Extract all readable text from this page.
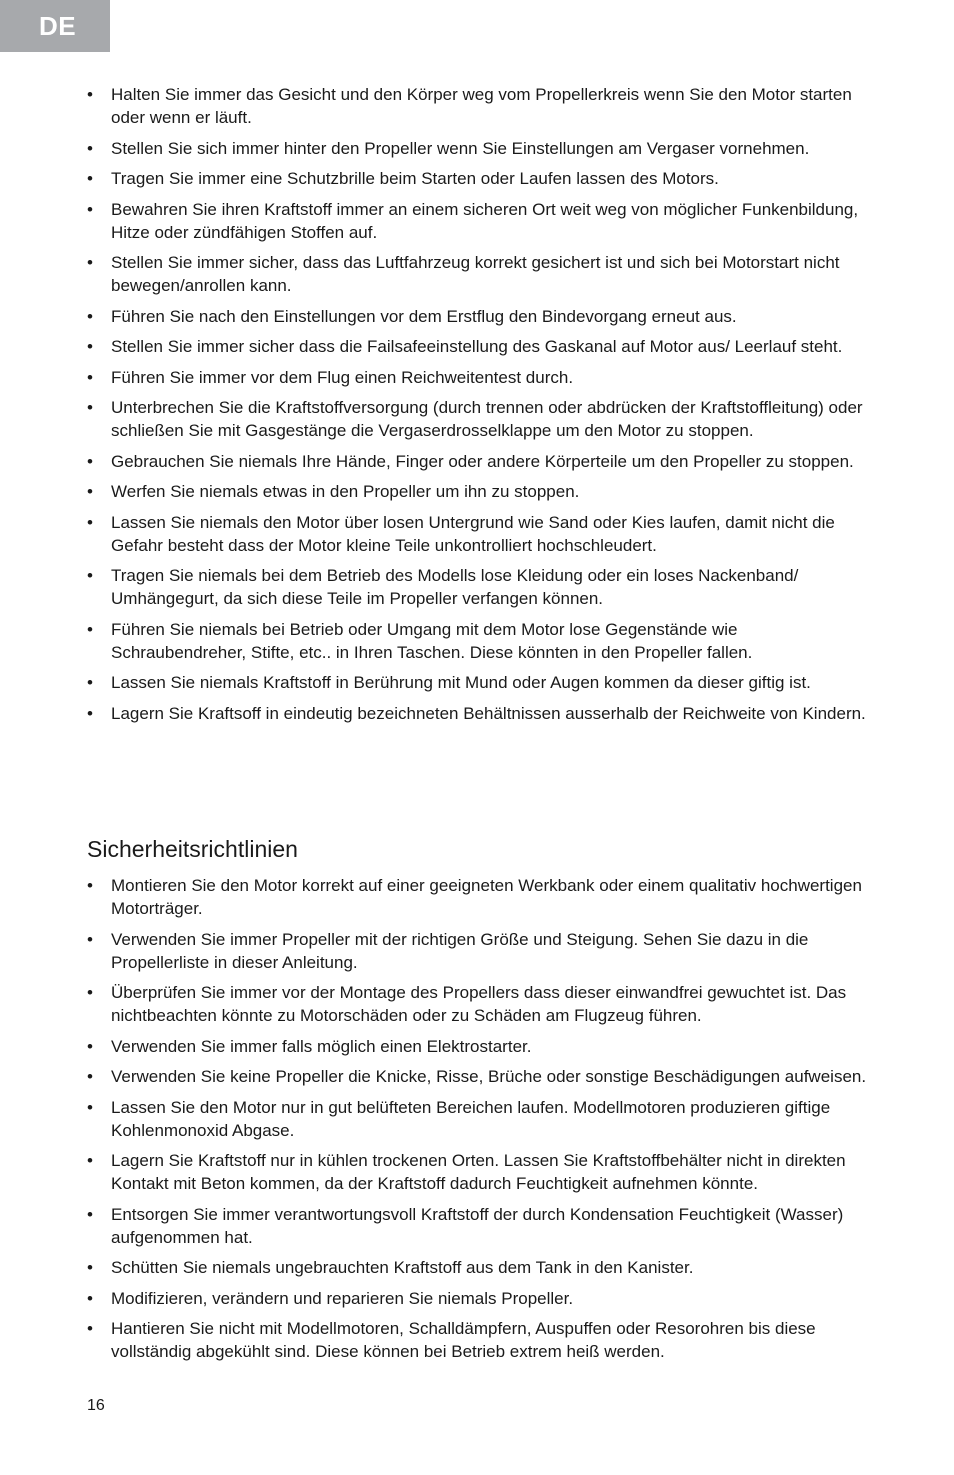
DE
• Halten Sie immer das Gesicht und den Körper weg vom Propellerkreis wenn Sie den Motor starten oder wenn er läuft.
• Stellen Sie sich immer hinter den Propeller wenn Sie Einstellungen am Vergaser vornehmen.
• Tragen Sie immer eine Schutzbrille beim Starten oder Laufen lassen des Motors.
• Bewahren Sie ihren Kraftstoff immer an einem sicheren Ort weit weg von möglicher Funkenbildung, Hitze oder zündfähigen Stoffen auf.
• Stellen Sie immer sicher, dass das Luftfahrzeug korrekt gesichert ist und sich bei Motorstart nicht bewegen/anrollen kann.
• Führen Sie nach den Einstellungen vor dem Erstflug den Bindevorgang erneut aus.
• Stellen Sie immer sicher dass die Failsafeeinstellung des Gaskanal auf Motor aus/ Leerlauf steht.
• Führen Sie immer vor dem Flug einen Reichweitentest durch.
• Unterbrechen Sie die Kraftstoffversorgung (durch trennen oder abdrücken der Kraftstoffleitung) oder schließen Sie mit Gasgestänge die Vergaserdrosselklappe um den Motor zu stoppen.
• Gebrauchen Sie niemals Ihre Hände, Finger oder andere Körperteile um den Propeller zu stoppen.
• Werfen Sie niemals etwas in den Propeller um ihn zu stoppen.
• Lassen Sie niemals den Motor über losen Untergrund wie Sand oder Kies laufen, damit nicht die Gefahr besteht dass der Motor kleine Teile unkontrolliert hochschleudert.
• Tragen Sie niemals bei dem Betrieb des Modells lose Kleidung oder ein loses Nackenband/ Umhängegurt, da sich diese Teile im Propeller verfangen können.
• Führen Sie niemals bei Betrieb oder Umgang mit dem Motor lose Gegenstände wie Schraubendreher, Stifte, etc.. in Ihren Taschen. Diese könnten in den Propeller fallen.
• Lassen Sie niemals Kraftstoff in Berührung mit Mund oder Augen kommen da dieser giftig ist.
• Lagern Sie Kraftsoff in eindeutig bezeichneten Behältnissen ausserhalb der Reichweite von Kindern.
Sicherheitsrichtlinien
• Montieren Sie den Motor korrekt auf einer geeigneten Werkbank oder einem qualitativ hochwertigen Motorträger.
• Verwenden Sie immer Propeller mit der richtigen Größe und Steigung. Sehen Sie dazu in die Propellerliste in dieser Anleitung.
• Überprüfen Sie immer vor der Montage des Propellers dass dieser einwandfrei gewuchtet ist. Das nichtbeachten könnte zu Motorschäden oder zu Schäden am Flugzeug führen.
• Verwenden Sie immer falls möglich einen Elektrostarter.
• Verwenden Sie keine Propeller die Knicke, Risse, Brüche oder sonstige Beschädigungen aufweisen.
• Lassen Sie den Motor nur in gut belüfteten Bereichen laufen. Modellmotoren produzieren giftige Kohlenmonoxid Abgase.
• Lagern Sie Kraftstoff nur in kühlen trockenen Orten. Lassen Sie Kraftstoffbehälter nicht in direkten Kontakt mit Beton kommen, da der Kraftstoff dadurch Feuchtigkeit aufnehmen könnte.
• Entsorgen Sie immer verantwortungsvoll Kraftstoff der durch Kondensation Feuchtigkeit (Wasser) aufgenommen hat.
• Schütten Sie niemals ungebrauchten Kraftstoff aus dem Tank in den Kanister.
• Modifizieren, verändern und reparieren Sie niemals Propeller.
• Hantieren Sie nicht mit Modellmotoren, Schalldämpfern, Auspuffen oder Resorohren bis diese vollständig abgekühlt sind. Diese können bei Betrieb extrem heiß werden.
16
